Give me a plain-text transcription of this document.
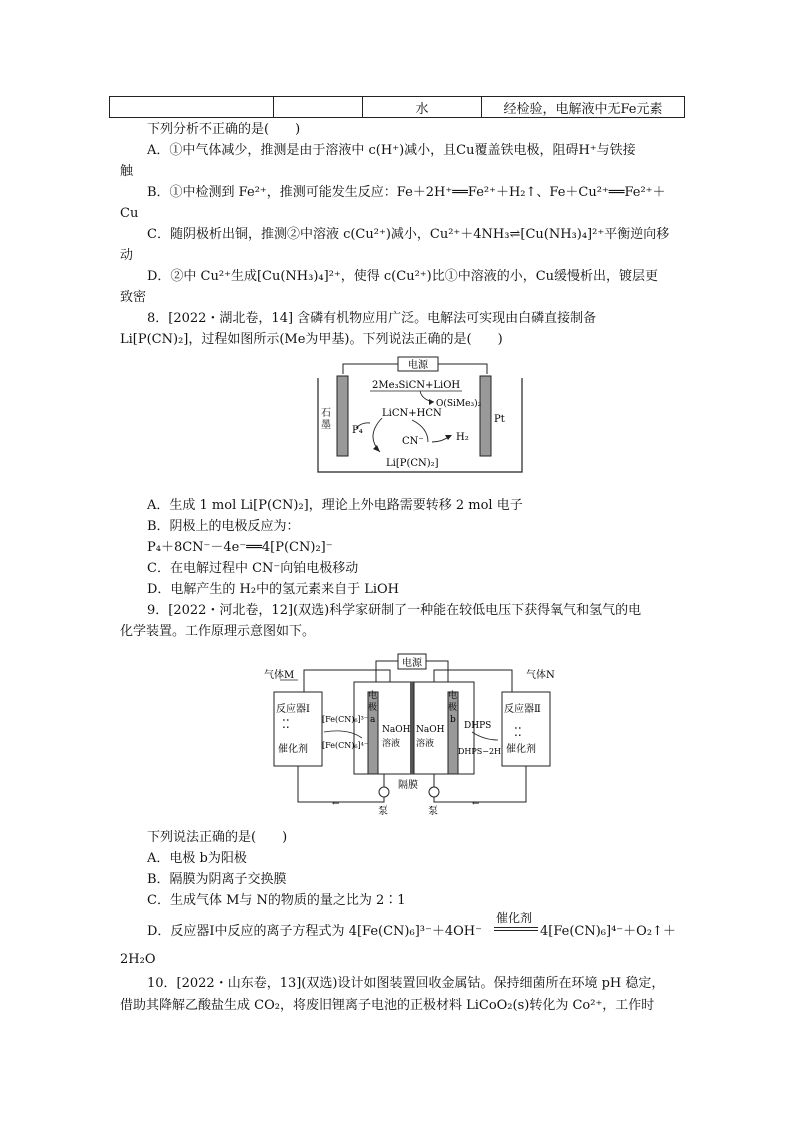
		水	经检验，电解液中无Fe元素
下列分析不正确的是(　　)
A．①中气体减少，推测是由于溶液中 c(H⁺)减小，且Cu覆盖铁电极，阻碍H⁺与铁接
触
B．①中检测到 Fe²⁺，推测可能发生反应：Fe＋2H⁺══Fe²⁺＋H₂↑、Fe＋Cu²⁺══Fe²⁺＋
Cu
C．随阴极析出铜，推测②中溶液 c(Cu²⁺)减小，Cu²⁺＋4NH₃⇌[Cu(NH₃)₄]²⁺平衡逆向移
动
D．②中 Cu²⁺生成[Cu(NH₃)₄]²⁺，使得 c(Cu²⁺)比①中溶液的小，Cu缓慢析出，镀层更
致密
8．[2022・湖北卷，14] 含磷有机物应用广泛。电解法可实现由白磷直接制备
Li[P(CN)₂]，过程如图所示(Me为甲基)。下列说法正确的是(　　)
电源
石
墨
Pt
2Me₃SiCN+LiOH
O(SiMe₃)₂
LiCN+HCN
P₄
CN⁻	H₂
Li[P(CN)₂]
A．生成 1 mol Li[P(CN)₂]，理论上外电路需要转移 2 mol 电子
B．阴极上的电极反应为：
P₄＋8CN⁻－4e⁻══4[P(CN)₂]⁻
C．在电解过程中 CN⁻向铂电极移动
D．电解产生的 H₂中的氢元素来自于 LiOH
9．[2022・河北卷，12](双选)科学家研制了一种能在较低电压下获得氧气和氢气的电
化学装置。工作原理示意图如下。
电源
气体M	气体N
反应器Ⅰ
⁚⁚
催化剂
反应器Ⅱ
⁚⁚
催化剂
电
极
a
[Fe(CN)₆]³⁻
[Fe(CN)₆]⁴⁻
NaOH
溶液
电
极
b
NaOH
溶液
DHPS
DHPS−2H
隔膜
泵	泵
←	←
下列说法正确的是(　　)
A．电极 b为阳极
B．隔膜为阴离子交换膜
C．生成气体 M与 N的物质的量之比为 2∶1
D．反应器Ⅰ中反应的离子方程式为 4[Fe(CN)₆]³⁻＋4OH⁻
催化剂
4[Fe(CN)₆]⁴⁻＋O₂↑＋
2H₂O
10．[2022・山东卷，13](双选)设计如图装置回收金属钴。保持细菌所在环境 pH 稳定，
借助其降解乙酸盐生成 CO₂，将废旧锂离子电池的正极材料 LiCoO₂(s)转化为 Co²⁺，工作时
